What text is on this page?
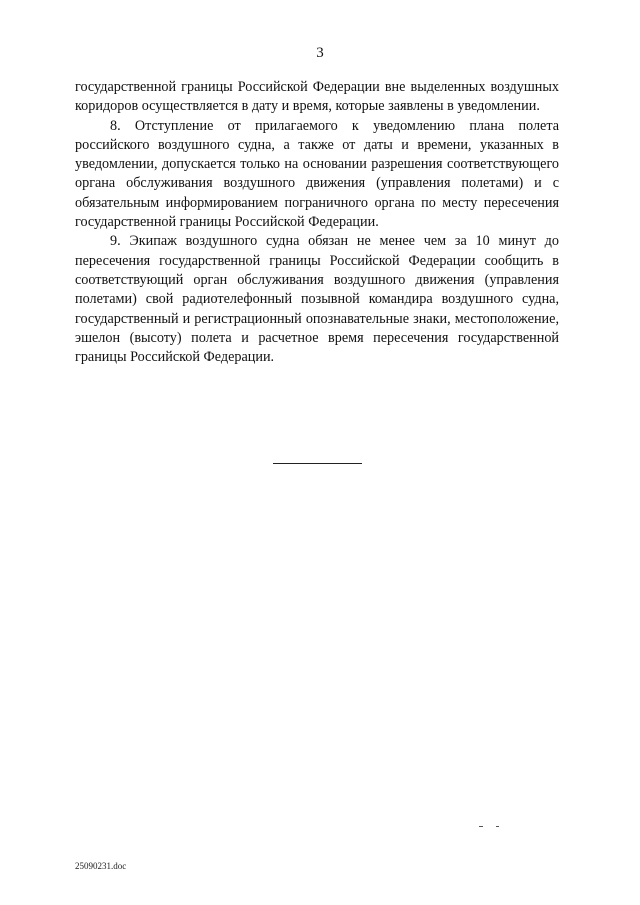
3

государственной границы Российской Федерации вне выделенных воздушных коридоров осуществляется в дату и время, которые заявлены в уведомлении.

8. Отступление от прилагаемого к уведомлению плана полета российского воздушного судна, а также от даты и времени, указанных в уведомлении, допускается только на основании разрешения соответствующего органа обслуживания воздушного движения (управления полетами) и с обязательным информированием пограничного органа по месту пересечения государственной границы Российской Федерации.

9. Экипаж воздушного судна обязан не менее чем за 10 минут до пересечения государственной границы Российской Федерации сообщить в соответствующий орган обслуживания воздушного движения (управления полетами) свой радиотелефонный позывной командира воздушного судна, государственный и регистрационный опознавательные знаки, местоположение, эшелон (высоту) полета и расчетное время пересечения государственной границы Российской Федерации.

25090231.doc
